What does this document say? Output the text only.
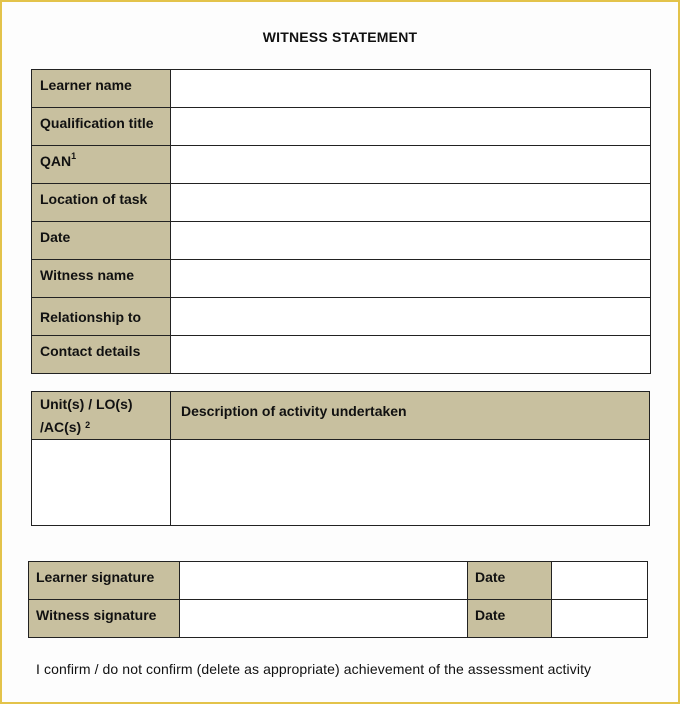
WITNESS STATEMENT
Learner name	

Qualification title	

QAN$^1$

Location of task	

Date	

Witness name	

Relationship to	

Contact details	

Unit(s) / LO(s)
/AC(s) $^2$	Description of activity undertaken

Learner signature		Date	

Witness signature		Date	

I confirm / do not confirm (delete as appropriate) achievement of the assessment activity
